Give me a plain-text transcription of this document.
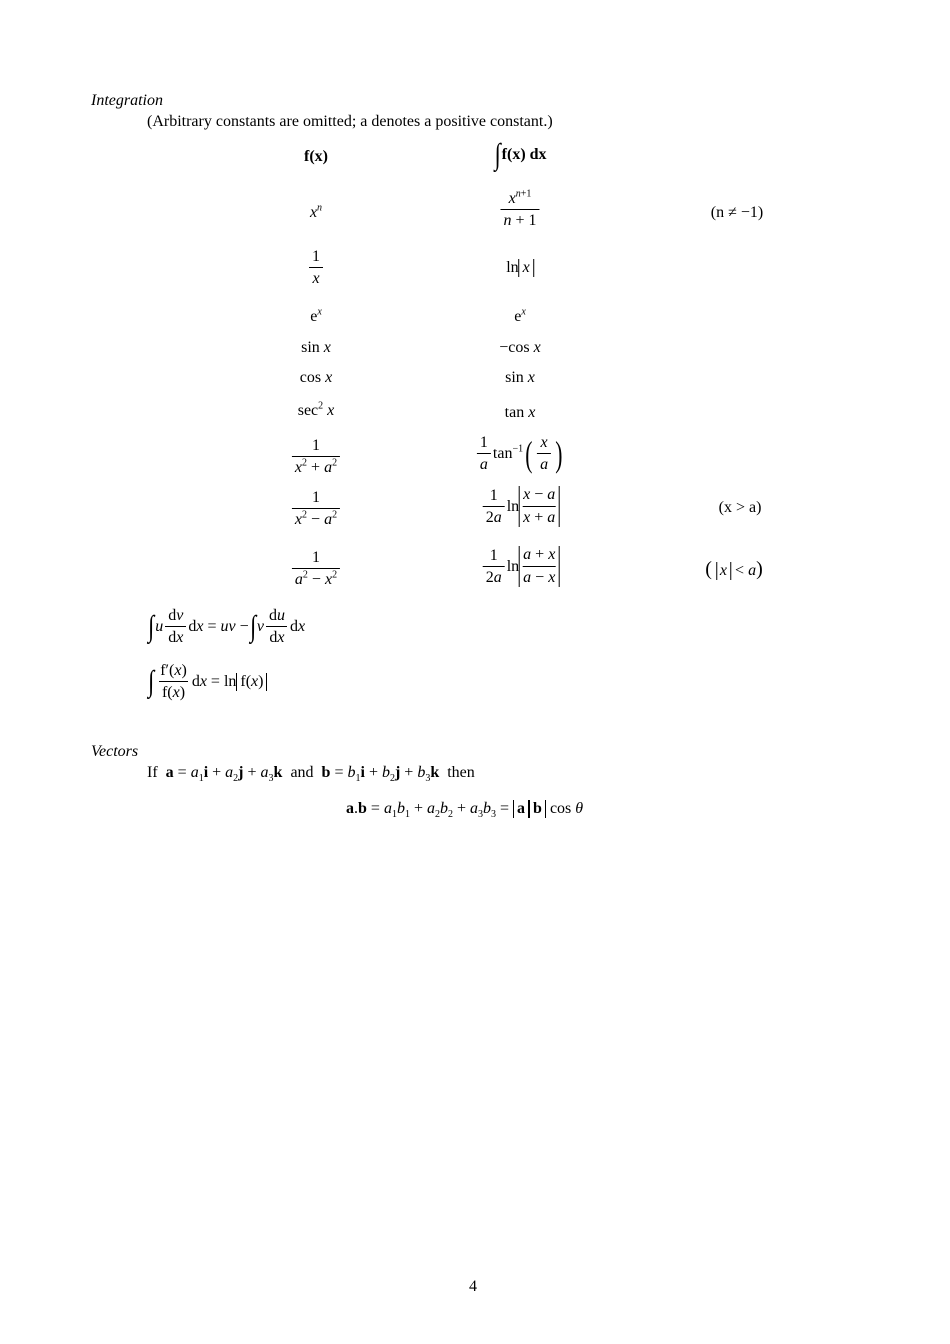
Integration
(Arbitrary constants are omitted; a denotes a positive constant.)
f(x)	∫ f(x) dx
$x^n$	$\frac{x^{n+1}}{n + 1}$	(n ≠ −1)
$\frac{1}{x}$	ln x
$e^x$	$e^x$
sin x	−cos x
cos x	sin x
$\sec^2 x$	tan x
$\frac{1}{x^2 + a^2}$	$\frac{1}{a} \tan^{-1}$ ( $\frac{x}{a}$ )
$\frac{1}{x^2 - a^2}$	$\frac{1}{2a}$ $\ln \frac{x - a}{x + a}$	(x > a)
$\frac{1}{a^2 - x^2}$	$\frac{1}{2a}$ $\ln \frac{a + x}{a - x}$	( x < a)
∫ u $\frac{dv}{dx}$ dx = uv − ∫ v $\frac{du}{dx}$ dx
∫ $\frac{f'(x)}{f(x)}$ dx = ln f(x)
Vectors
If $a = a_1i + a_2j + a_3k$ and $b = b_1i + b_2j + b_3k$ then
$a.b = a_1b_1 + a_2b_2 + a_3b_3 = a$ b cos θ
4
